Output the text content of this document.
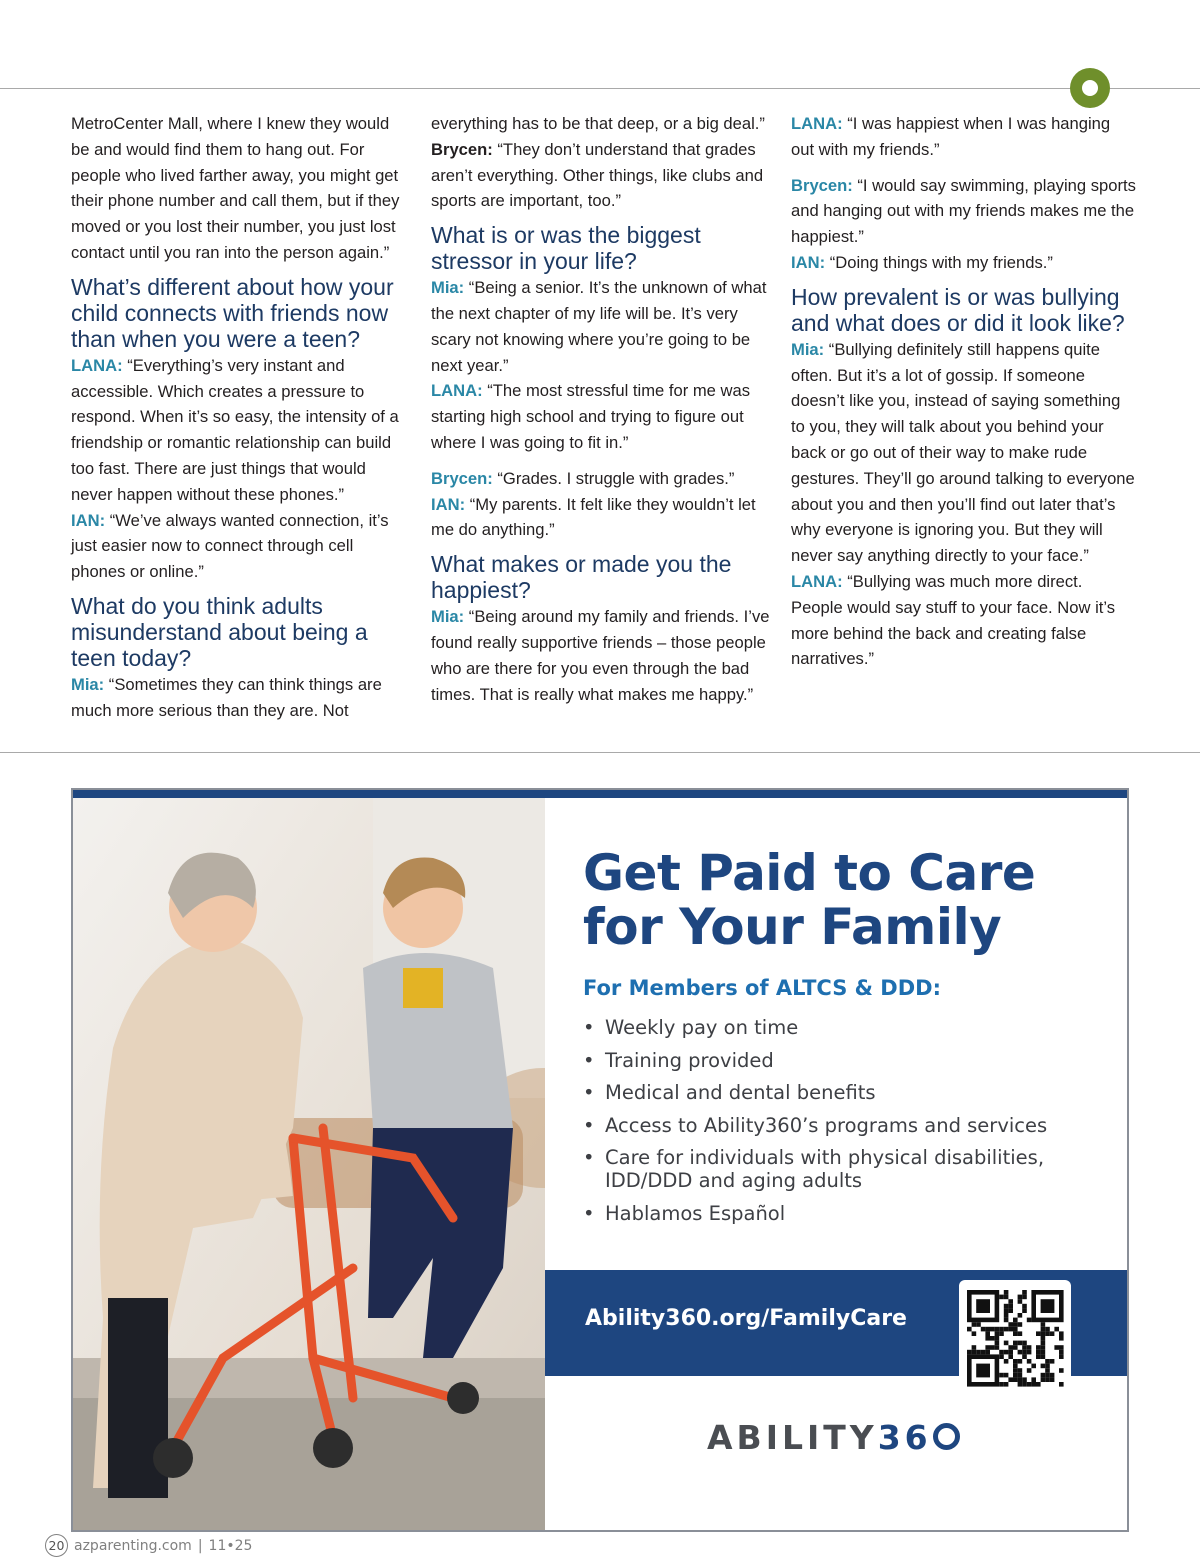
MetroCenter Mall, where I knew they would be and would find them to hang out. For people who lived farther away, you might get their phone number and call them, but if they moved or you lost their number, you just lost contact until you ran into the person again.”

What’s different about how your child connects with friends now than when you were a teen?

LANA: “Everything’s very instant and accessible. Which creates a pressure to respond. When it’s so easy, the intensity of a friendship or romantic relationship can build too fast. There are just things that would never happen without these phones.”

IAN: “We’ve always wanted connection, it’s just easier now to connect through cell phones or online.”

What do you think adults misunderstand about being a teen today?

Mia: “Sometimes they can think things are much more serious than they are. Not

everything has to be that deep, or a big deal.”

Brycen: “They don’t understand that grades aren’t everything. Other things, like clubs and sports are important, too.”

What is or was the biggest stressor in your life?

Mia: “Being a senior. It’s the unknown of what the next chapter of my life will be. It’s very scary not knowing where you’re going to be next year.”

LANA: “The most stressful time for me was starting high school and trying to figure out where I was going to fit in.”

Brycen: “Grades. I struggle with grades.”

IAN: “My parents. It felt like they wouldn’t let me do anything.”

What makes or made you the happiest?

Mia: “Being around my family and friends. I’ve found really supportive friends – those people who are there for you even through the bad times. That is really what makes me happy.”

LANA: “I was happiest when I was hanging out with my friends.”

Brycen: “I would say swimming, playing sports and hanging out with my friends makes me the happiest.”

IAN: “Doing things with my friends.”

How prevalent is or was bullying and what does or did it look like?

Mia: “Bullying definitely still happens quite often. But it’s a lot of gossip. If someone doesn’t like you, instead of saying something to you, they will talk about you behind your back or go out of their way to make rude gestures. They’ll go around talking to everyone about you and then you’ll find out later that’s why everyone is ignoring you. But they will never say anything directly to your face.”

LANA: “Bullying was much more direct. People would say stuff to your face. Now it’s more behind the back and creating false narratives.”

Get Paid to Care
for Your Family
For Members of ALTCS & DDD:
• Weekly pay on time
• Training provided
• Medical and dental benefits
• Access to Ability360’s programs and services
• Care for individuals with physical disabilities, IDD/DDD and aging adults
• Hablamos Español
Ability360.org/FamilyCare
ABILITY36
20 azparenting.com | 11•25
